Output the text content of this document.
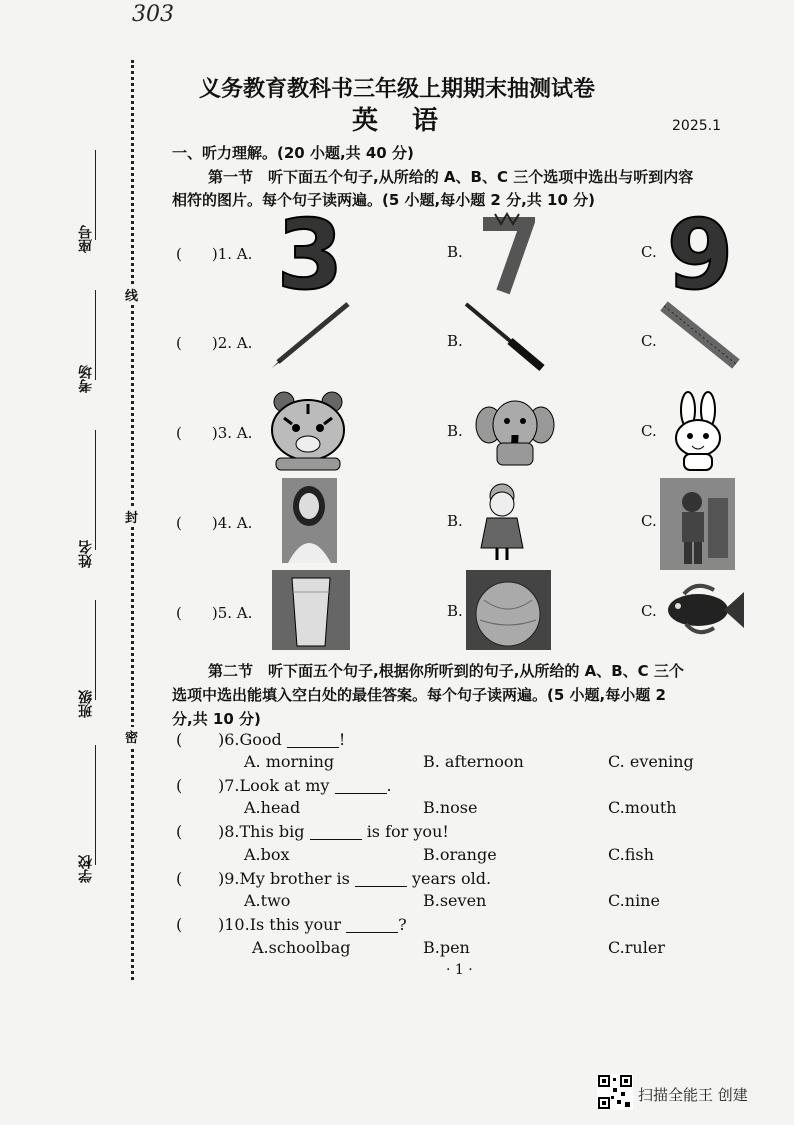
303
座号
考场
姓名
班级
学校
线
封
密
义务教育教科书三年级上期期末抽测试卷
英　语	2025.1
一、听力理解。(20 小题,共 40 分)
第一节　听下面五个句子,从所给的 A、B、C 三个选项中选出与听到内容
相符的图片。每个句子读两遍。(5 小题,每小题 2 分,共 10 分)
(　　)1. A.	B.	C.
3	9
(　　)2. A.	B.	C.
(　　)3. A.	B.	C.
(　　)4. A.	B.	C.
(　　)5. A.	B.	C.
第二节　听下面五个句子,根据你所听到的句子,从所给的 A、B、C 三个
选项中选出能填入空白处的最佳答案。每个句子读两遍。(5 小题,每小题 2
分,共 10 分)
( )6.Good	!
A. morning	B. afternoon	C. evening
( )7.Look at my	.
A.head	B.nose	C.mouth
( )8.This big	is for you!
A.box	B.orange	C.fish
( )9.My brother is	years old.
A.two	B.seven	C.nine
( )10.Is this your	?
A.schoolbag	B.pen	C.ruler
· 1 ·
扫描全能王 创建
